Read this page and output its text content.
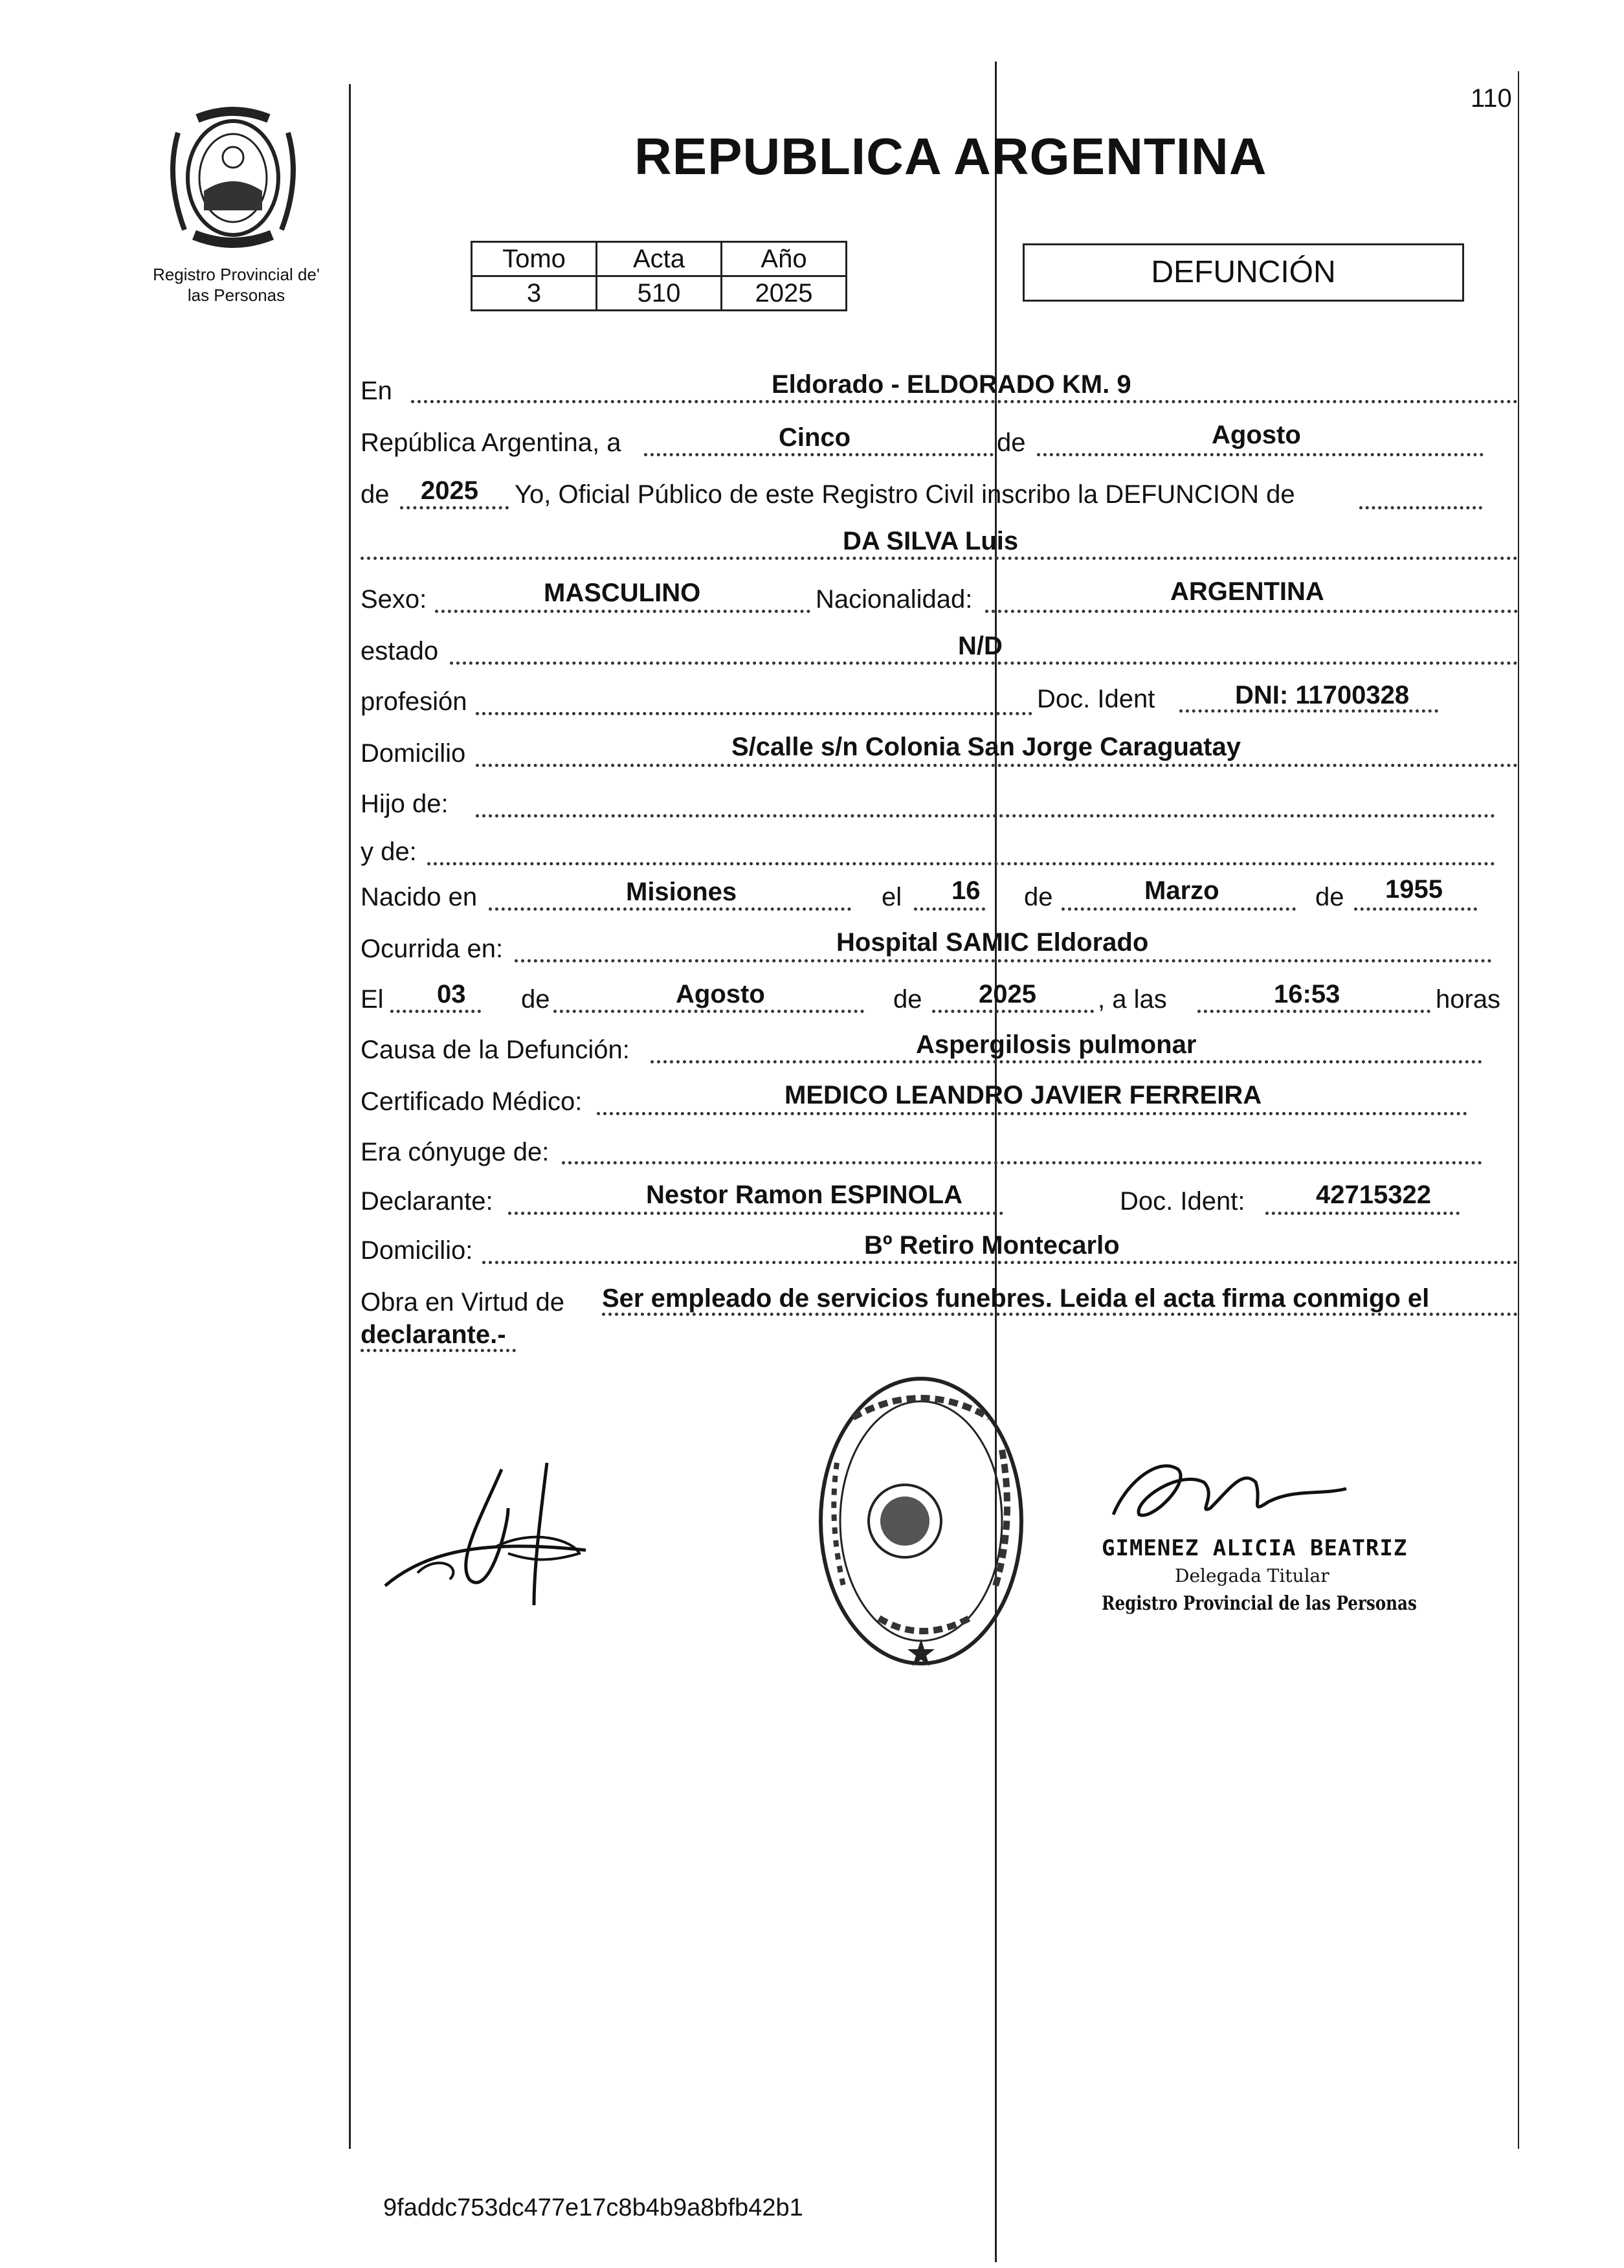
110
Registro Provincial de'
las Personas
REPUBLICA ARGENTINA
Tomo	Acta	Año
3	510	2025
DEFUNCIÓN
En	Eldorado - ELDORADO KM. 9
República Argentina, a	Cinco	de	Agosto
de 2025 Yo, Oficial Público de este Registro Civil inscribo la DEFUNCION de
DA SILVA Luis
Sexo:	MASCULINO	Nacionalidad:	ARGENTINA
estado	N/D
profesión	Doc. Ident	DNI: 11700328
Domicilio	S/calle s/n Colonia San Jorge Caraguatay
Hijo de:
y de:
Nacido en	Misiones	el 16 de	Marzo	de 1955
Ocurrida en:	Hospital SAMIC Eldorado
El 03 de	Agosto	de 2025 , a las	16:53	horas
Causa de la Defunción:	Aspergilosis pulmonar
Certificado Médico:	MEDICO LEANDRO JAVIER FERREIRA
Era cónyuge de:
Declarante:	Nestor Ramon ESPINOLA	Doc. Ident:	42715322
Domicilio:	Bº Retiro Montecarlo
Obra en Virtud de Ser empleado de servicios funebres. Leida el acta firma conmigo el
declarante.-
GIMENEZ ALICIA BEATRIZ
Delegada Titular
Registro Provincial de las Personas
9faddc753dc477e17c8b4b9a8bfb42b1
